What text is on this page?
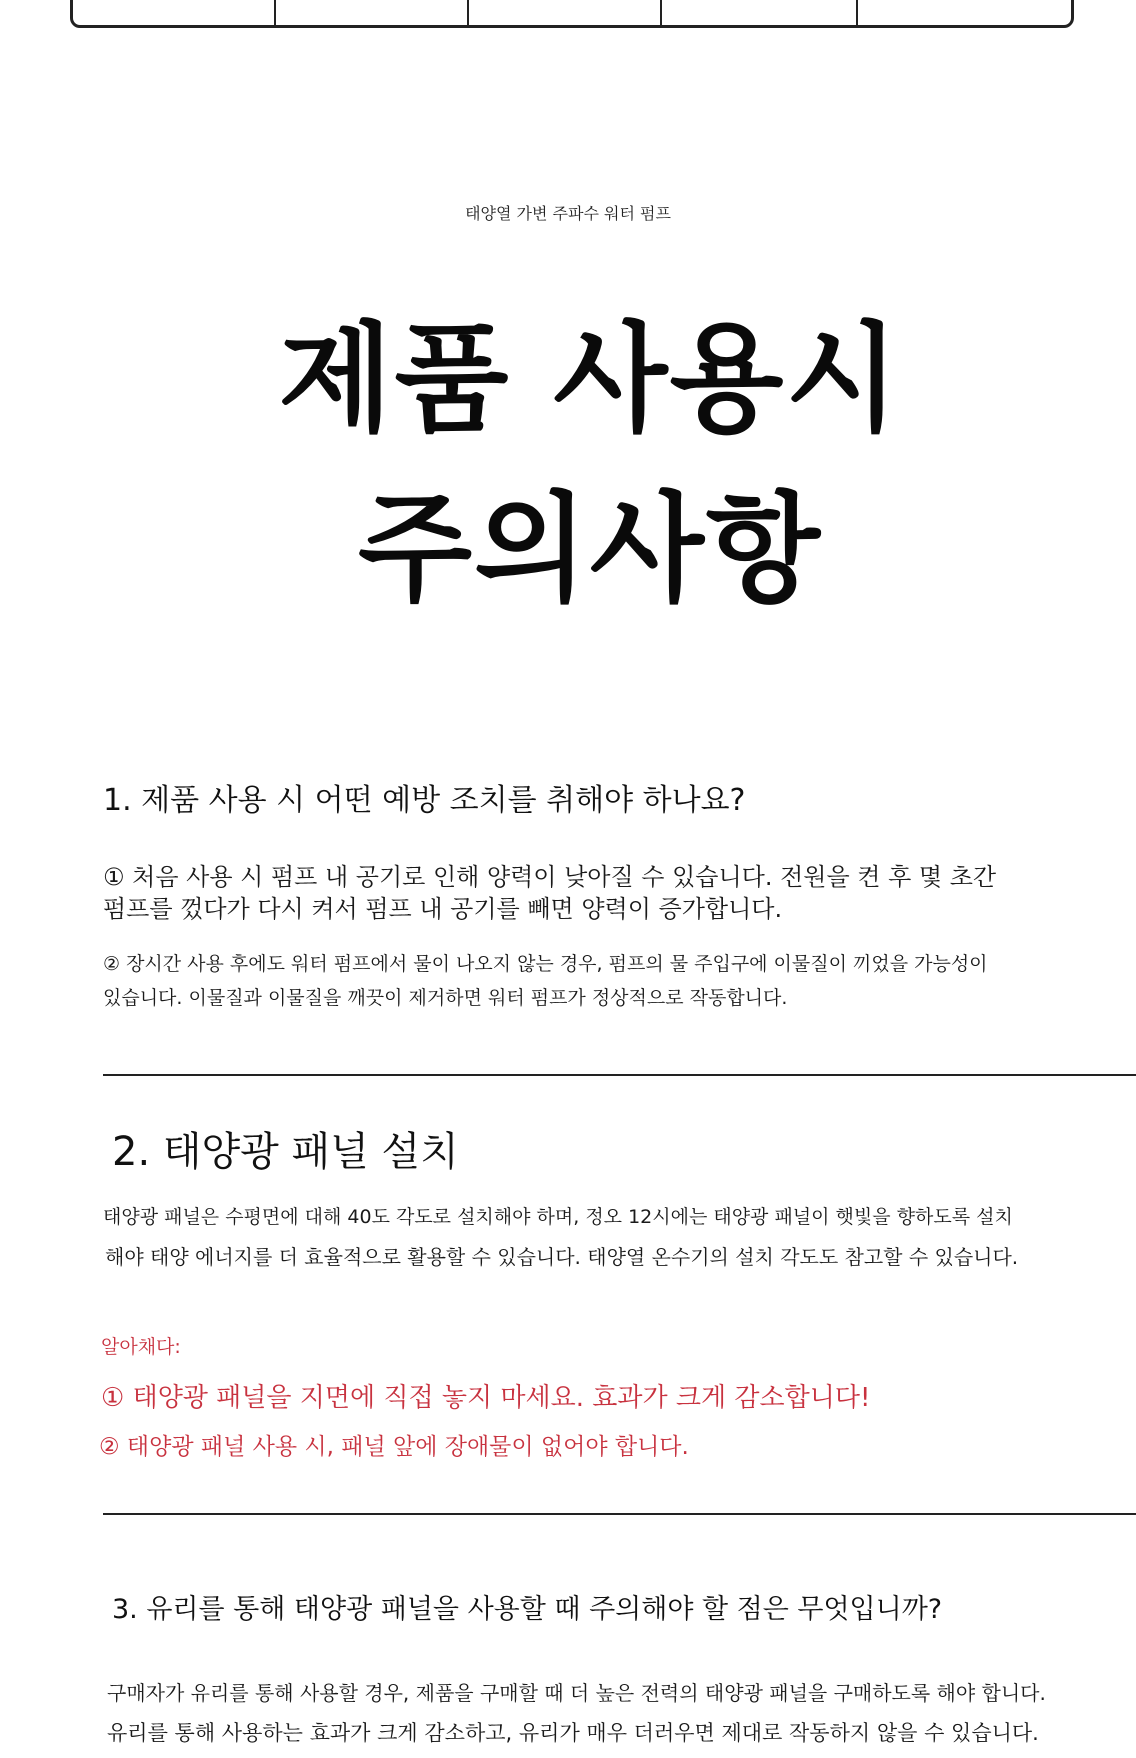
태양열 가변 주파수 워터 펌프
제품 사용시
주의사항
1. 제품 사용 시 어떤 예방 조치를 취해야 하나요?
① 처음 사용 시 펌프 내 공기로 인해 양력이 낮아질 수 있습니다. 전원을 켠 후 몇 초간
펌프를 껐다가 다시 켜서 펌프 내 공기를 빼면 양력이 증가합니다.
② 장시간 사용 후에도 워터 펌프에서 물이 나오지 않는 경우, 펌프의 물 주입구에 이물질이 끼었을 가능성이
있습니다. 이물질과 이물질을 깨끗이 제거하면 워터 펌프가 정상적으로 작동합니다.
2. 태양광 패널 설치
태양광 패널은 수평면에 대해 40도 각도로 설치해야 하며, 정오 12시에는 태양광 패널이 햇빛을 향하도록 설치
해야 태양 에너지를 더 효율적으로 활용할 수 있습니다. 태양열 온수기의 설치 각도도 참고할 수 있습니다.
알아채다:
① 태양광 패널을 지면에 직접 놓지 마세요. 효과가 크게 감소합니다!
② 태양광 패널 사용 시, 패널 앞에 장애물이 없어야 합니다.
3. 유리를 통해 태양광 패널을 사용할 때 주의해야 할 점은 무엇입니까?
구매자가 유리를 통해 사용할 경우, 제품을 구매할 때 더 높은 전력의 태양광 패널을 구매하도록 해야 합니다.
유리를 통해 사용하는 효과가 크게 감소하고, 유리가 매우 더러우면 제대로 작동하지 않을 수 있습니다.
